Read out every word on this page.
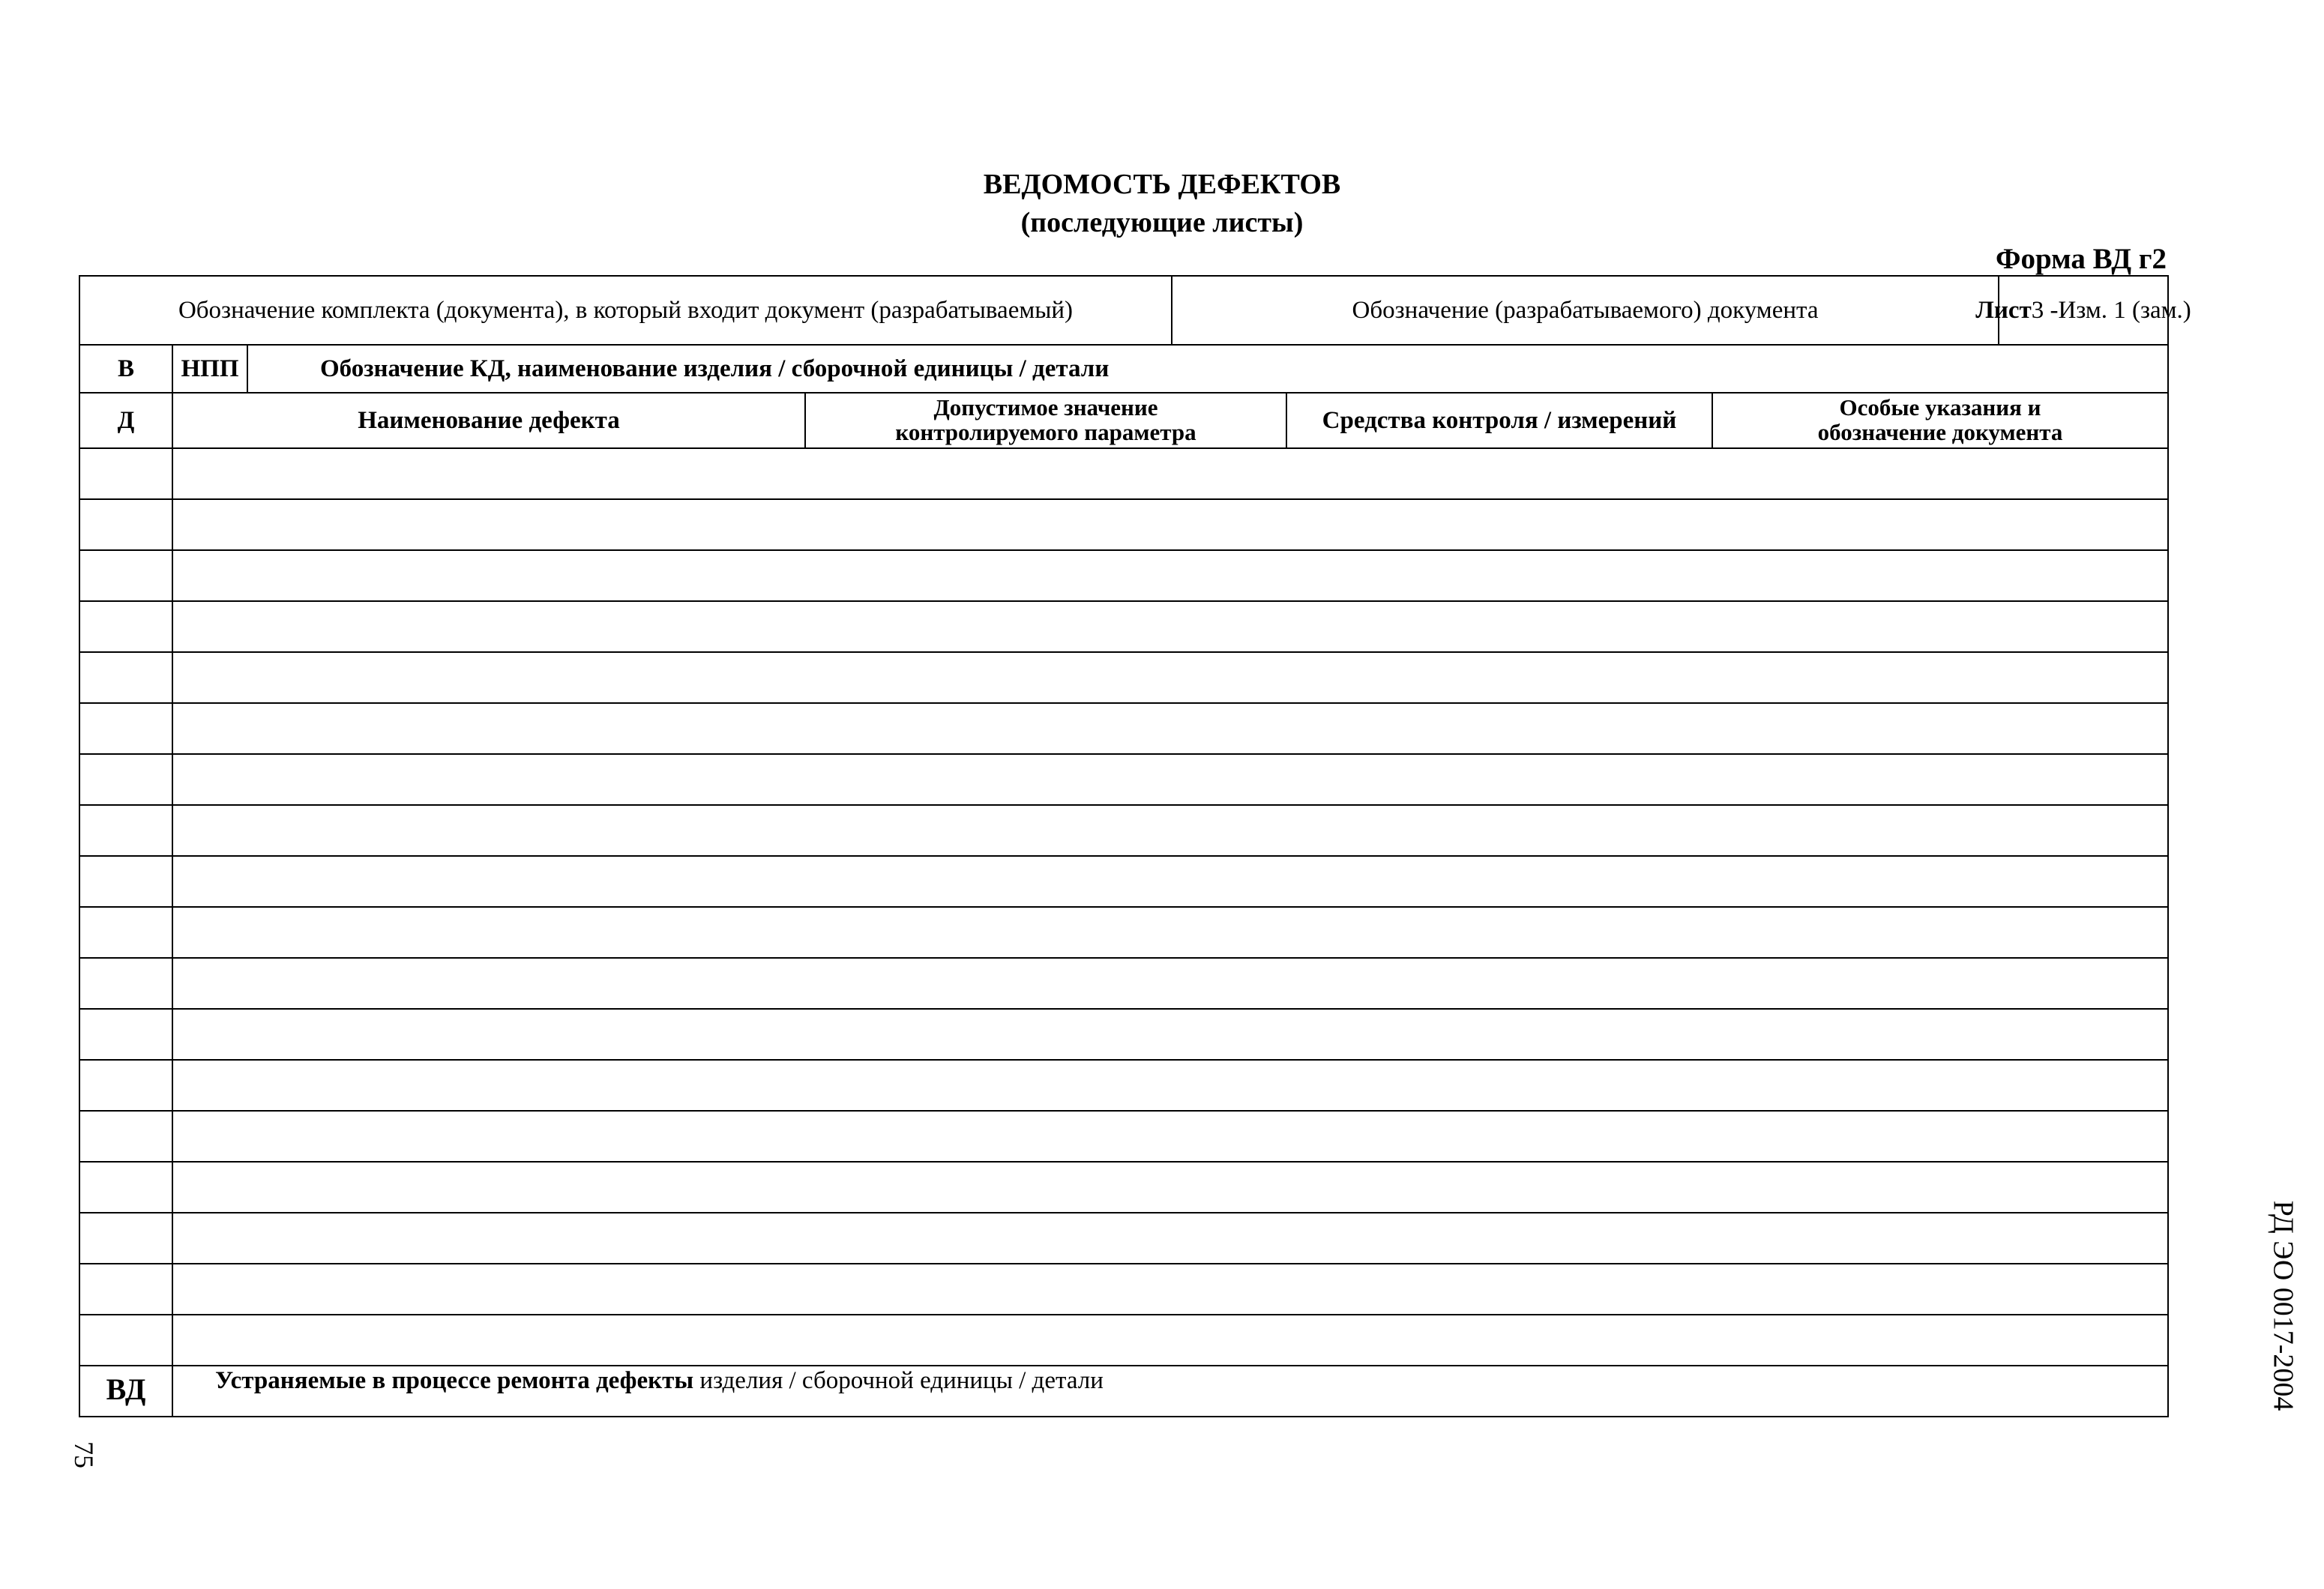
ВЕДОМОСТЬ ДЕФЕКТОВ
(последующие листы)
Форма ВД г2
Обозначение комплекта (документа), в который входит документ (разрабатываемый)	Обозначение (разрабатываемого) документа	Лист 3 -Изм. 1 (зам.)
В НПП	Обозначение КД, наименование изделия / сборочной единицы / детали
Д	Наименование дефекта	Допустимое значение контролируемого параметра	Средства контроля / измерений	Особые указания и обозначение документа
ВД	Устраняемые в процессе ремонта дефекты изделия / сборочной единицы / детали	РД ЭО 0017-2004
75
